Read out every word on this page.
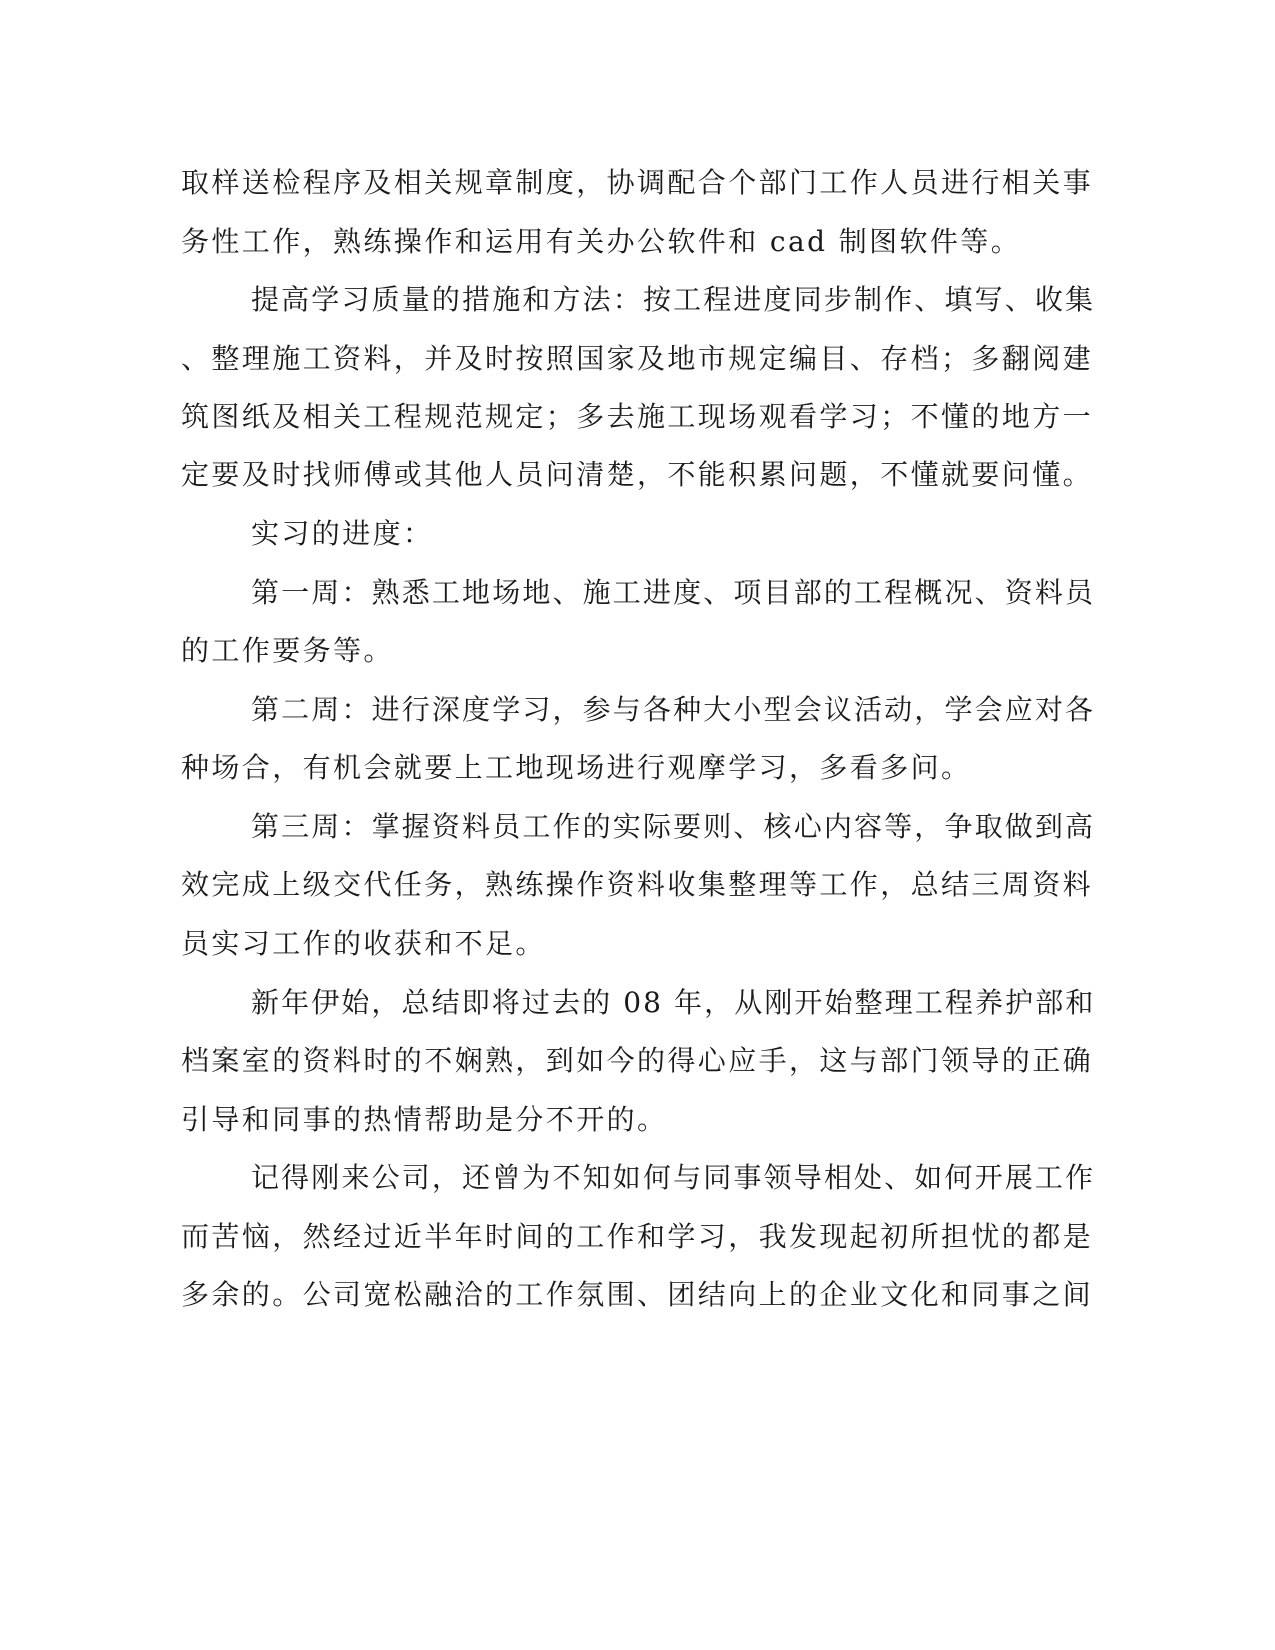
取样送检程序及相关规章制度，协调配合个部门工作人员进行相关事

务性工作，熟练操作和运用有关办公软件和 cad 制图软件等。

提高学习质量的措施和方法：按工程进度同步制作、填写、收集

、整理施工资料，并及时按照国家及地市规定编目、存档；多翻阅建

筑图纸及相关工程规范规定；多去施工现场观看学习；不懂的地方一

定要及时找师傅或其他人员问清楚，不能积累问题，不懂就要问懂。

实习的进度：

第一周：熟悉工地场地、施工进度、项目部的工程概况、资料员

的工作要务等。

第二周：进行深度学习，参与各种大小型会议活动，学会应对各

种场合，有机会就要上工地现场进行观摩学习，多看多问。

第三周：掌握资料员工作的实际要则、核心内容等，争取做到高

效完成上级交代任务，熟练操作资料收集整理等工作，总结三周资料

员实习工作的收获和不足。

新年伊始，总结即将过去的 08 年，从刚开始整理工程养护部和

档案室的资料时的不娴熟，到如今的得心应手，这与部门领导的正确

引导和同事的热情帮助是分不开的。

记得刚来公司，还曾为不知如何与同事领导相处、如何开展工作

而苦恼，然经过近半年时间的工作和学习，我发现起初所担忧的都是

多余的。公司宽松融洽的工作氛围、团结向上的企业文化和同事之间
